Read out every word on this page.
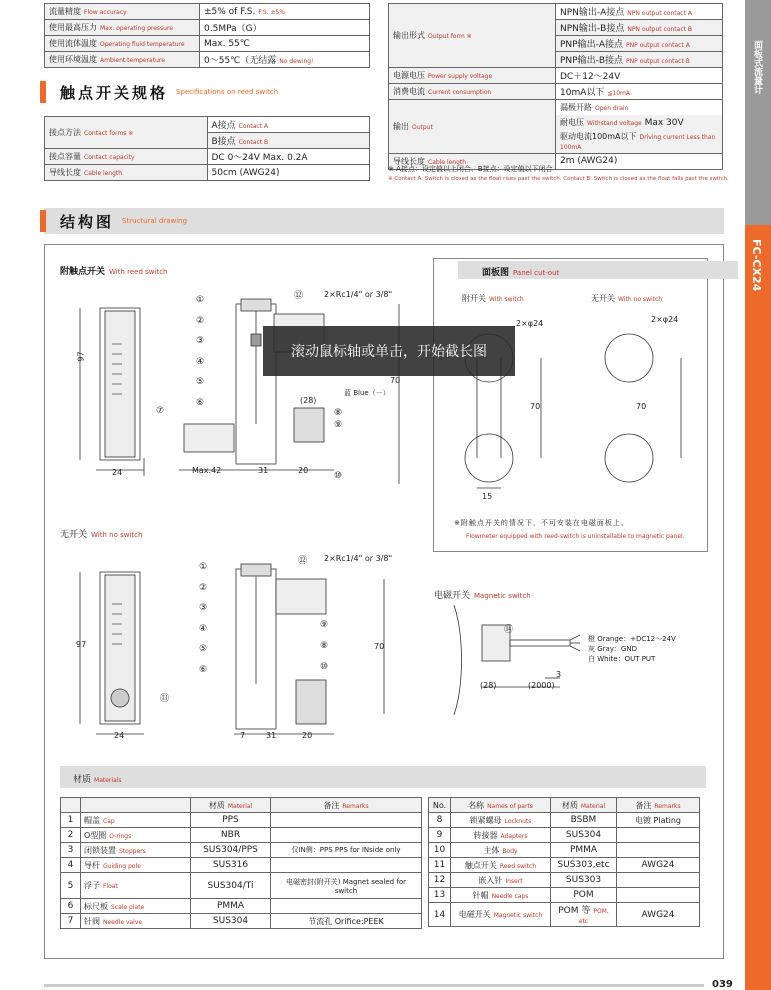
流量精度 Flow accuracy	±5% of F.S. F.S. ±5%
使用最高压力 Max. operating pressure	0.5MPa（G）
使用流体温度 Operating fluid temperature	Max. 55℃
使用环境温度 Ambient temperature	0～55℃（无结露 No dewing）
触点开关规格 Specifications on reed switch
接点方法 Contact forms ※	A接点 Contact A
	B接点 Contact B
接点容量 Contact capacity	DC 0～24V Max. 0.2A
导线长度 Cable length	50cm (AWG24)
输出形式 Output form ※	NPN输出-A接点 NPN output contact A
	NPN输出-B接点 NPN output contact B
	PNP输出-A接点 PNP output contact A
	PNP输出-B接点 PNP output contact B
电源电压 Power supply voltage	DC＋12～24V
消费电流 Current consumption	10mA以下 ≦10mA
输出 Output	漏极开路 Open drain
	耐电压 Withstand voltage Max 30V
	驱动电流100mA以下 Driving current Less than 100mA
导线长度 Cable length	2m (AWG24)
※ A接点：设定值以上闭合、B接点：设定值以下闭合
※ Contact A: Switch is closed as the float rises past the switch. Contact B: Switch is closed as the float falls past the switch.
结构图 Structural drawing
附触点开关 With reed switch
无开关 With no switch
97
24	Max.42	31	20
(28)
2×Rc1/4" or 3/8"
蓝 Blue（－）
70
97
24	7	31	20
2×Rc1/4" or 3/8"
70
①
②
③
④
⑤
⑥
⑦	⑧
⑨
⑩
⑫
①
②
③
④
⑤
⑥
⑫
⑨
⑧
⑩
⑬
面板图 Panel cut-out
附开关 With switch	无开关 With no switch
2×φ24	2×φ24
70	70
15
※附触点开关的情况下，不可安装在电磁面板上。
Flowmeter equipped with reed-switch is uninstallable to magnetic panel.
电磁开关 Magnetic switch
⑭
橙 Orange：+DC12～24V
灰 Gray：GND
白 White：OUT PUT
(28)	(2000)
3
材质 Materials
		材质 Material	备注 Remarks
1	帽盖 Cap	PPS	
2	O型圈 O-rings	NBR	
3	闭锁装置 Stoppers	SUS304/PPS	仅IN侧：PPS PPS for INside only
4	导杆 Guiding pole	SUS316	
5	浮子 Float	SUS304/Ti	电磁密封(附开关) Magnet sealed for switch
6	标尺板 Scale plate	PMMA	
7	针阀 Needle valve	SUS304	节流孔 Orifice:PEEK
No.	名称 Names of parts	材质 Material	备注 Remarks
8	锁紧螺母 Locknuts	BSBM	电镀 Plating
9	转接器 Adapters	SUS304	
10	主体 Body	PMMA	
11	触点开关 Reed switch	SUS303,etc	AWG24
12	嵌入针 Insert	SUS303	
13	针帽 Needle caps	POM	
14	电磁开关 Magnetic switch	POM 等 POM, etc	AWG24
面板式流量计
FC-CX24
039
滚动鼠标轴或单击，开始截长图
